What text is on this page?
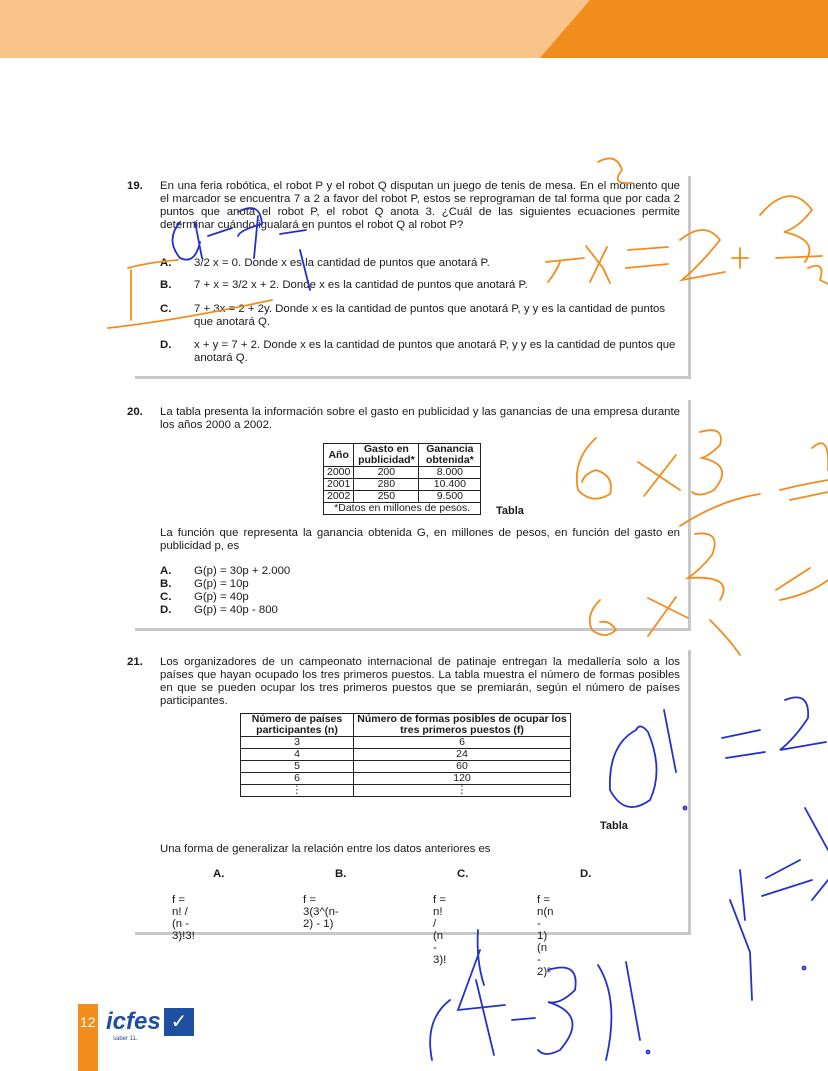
19. En una feria robótica, el robot P y el robot Q disputan un juego de tenis de mesa. En el momento que el marcador se encuentra 7 a 2 a favor del robot P, estos se reprograman de tal forma que por cada 2 puntos que anota el robot P, el robot Q anota 3. ¿Cuál de las siguientes ecuaciones permite determinar cuándo igualará en puntos el robot Q al robot P?
A. 3/2 x = 0. Donde x es la cantidad de puntos que anotará P.
B. 7 + x = 3/2 x + 2. Donde x es la cantidad de puntos que anotará P.
C. 7 + 3x = 2 + 2y. Donde x es la cantidad de puntos que anotará P, y y es la cantidad de puntos que anotará Q.
D. x + y = 7 + 2. Donde x es la cantidad de puntos que anotará P, y y es la cantidad de puntos que anotará Q.
20. La tabla presenta la información sobre el gasto en publicidad y las ganancias de una empresa durante los años 2000 a 2002.
Año	Gasto en publicidad*	Ganancia obtenida*
2000	200	8.000
2001	280	10.400
2002	250	9.500
*Datos en millones de pesos.		Tabla
La función que representa la ganancia obtenida G, en millones de pesos, en función del gasto en publicidad p, es
A. G(p) = 30p + 2.000
B. G(p) = 10p
C. G(p) = 40p
D. G(p) = 40p - 800
21. Los organizadores de un campeonato internacional de patinaje entregan la medallería solo a los países que hayan ocupado los tres primeros puestos. La tabla muestra el número de formas posibles en que se pueden ocupar los tres primeros puestos que se premiarán, según el número de países participantes.
Número de países participantes (n)	Número de formas posibles de ocupar los tres primeros puestos (f)
3	6
4	24
5	60
6	120
⋮	⋮
Tabla
Una forma de generalizar la relación entre los datos anteriores es
A.	B.	C.	D.
f = n! / (n - 3)!3!
f = 3(3^(n-2) - 1)
f = n! / (n - 3)!
f = n(n - 1)(n - 2)²
12 icfes ✓
saber 11.
